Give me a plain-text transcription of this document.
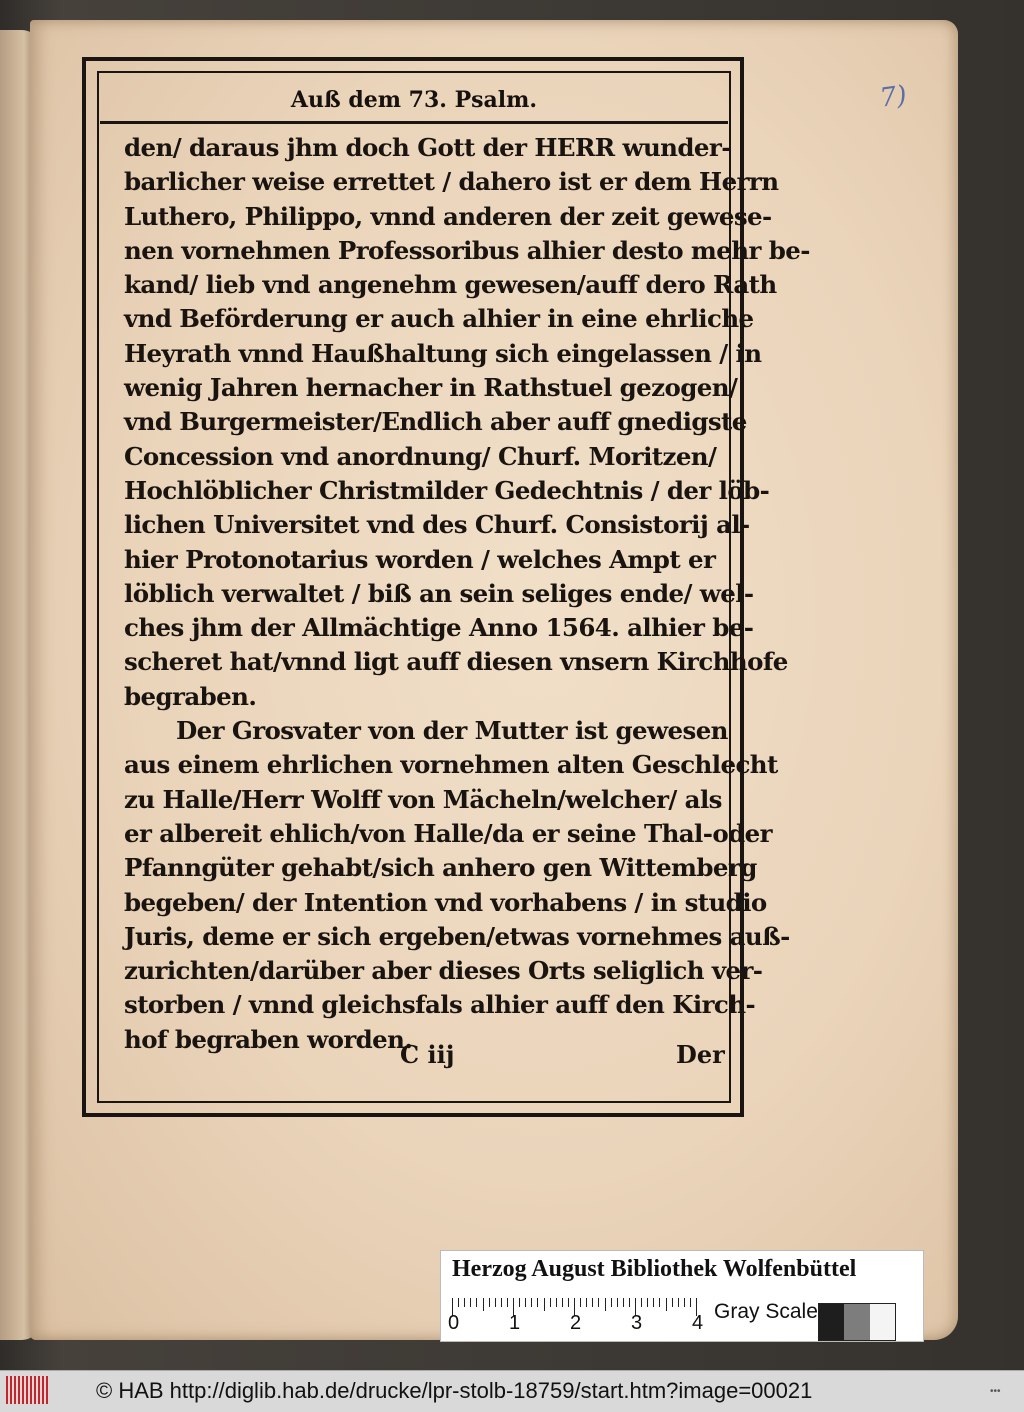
Auß dem 73. Psalm.	7)
den/ daraus jhm doch Gott der HERR wunder-
barlicher weise errettet / dahero ist er dem Herrn
Luthero, Philippo, vnnd anderen der zeit gewese-
nen vornehmen Professoribus alhier desto mehr be-
kand/ lieb vnd angenehm gewesen/auff dero Rath
vnd Beförderung er auch alhier in eine ehrliche
Heyrath vnnd Haußhaltung sich eingelassen / in
wenig Jahren hernacher in Rathstuel gezogen/
vnd Burgermeister/Endlich aber auff gnedigste
Concession vnd anordnung/ Churf. Moritzen/
Hochlöblicher Christmilder Gedechtnis / der löb-
lichen Universitet vnd des Churf. Consistorij al-
hier Protonotarius worden / welches Ampt er
löblich verwaltet / biß an sein seliges ende/ wel-
ches jhm der Allmächtige Anno 1564. alhier be-
scheret hat/vnnd ligt auff diesen vnsern Kirchhofe
begraben.
Der Grosvater von der Mutter ist gewesen
aus einem ehrlichen vornehmen alten Geschlecht
zu Halle/Herr Wolff von Mächeln/welcher/ als
er albereit ehlich/von Halle/da er seine Thal-oder
Pfanngüter gehabt/sich anhero gen Wittemberg
begeben/ der Intention vnd vorhabens / in studio
Juris, deme er sich ergeben/etwas vornehmes auß-
zurichten/darüber aber dieses Orts seliglich ver-
storben / vnnd gleichsfals alhier auff den Kirch-
hof begraben worden.
C iij	Der
Herzog August Bibliothek Wolfenbüttel
0 1 2 3 4 Gray Scale
© HAB http://diglib.hab.de/drucke/lpr-stolb-18759/start.htm?image=00021	•••
